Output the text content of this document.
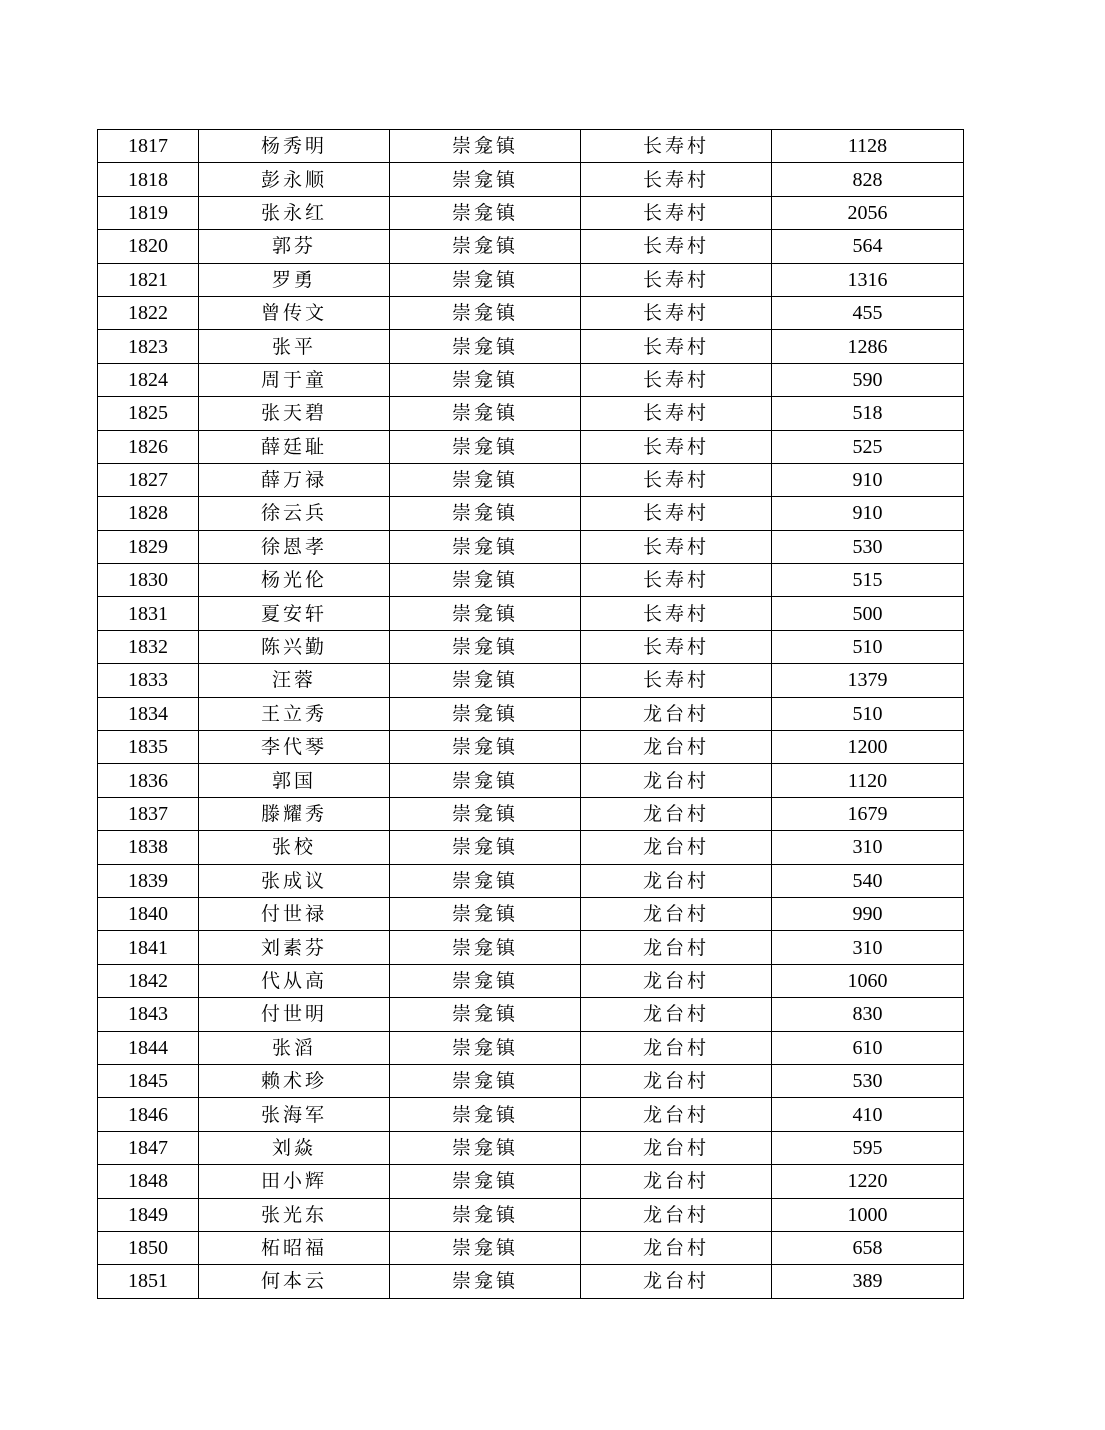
1817	杨秀明	崇龛镇	长寿村	1128
1818	彭永顺	崇龛镇	长寿村	828
1819	张永红	崇龛镇	长寿村	2056
1820	郭芬	崇龛镇	长寿村	564
1821	罗勇	崇龛镇	长寿村	1316
1822	曾传文	崇龛镇	长寿村	455
1823	张平	崇龛镇	长寿村	1286
1824	周于童	崇龛镇	长寿村	590
1825	张天碧	崇龛镇	长寿村	518
1826	薛廷耻	崇龛镇	长寿村	525
1827	薛万禄	崇龛镇	长寿村	910
1828	徐云兵	崇龛镇	长寿村	910
1829	徐恩孝	崇龛镇	长寿村	530
1830	杨光伦	崇龛镇	长寿村	515
1831	夏安轩	崇龛镇	长寿村	500
1832	陈兴勤	崇龛镇	长寿村	510
1833	汪蓉	崇龛镇	长寿村	1379
1834	王立秀	崇龛镇	龙台村	510
1835	李代琴	崇龛镇	龙台村	1200
1836	郭国	崇龛镇	龙台村	1120
1837	滕耀秀	崇龛镇	龙台村	1679
1838	张校	崇龛镇	龙台村	310
1839	张成议	崇龛镇	龙台村	540
1840	付世禄	崇龛镇	龙台村	990
1841	刘素芬	崇龛镇	龙台村	310
1842	代从高	崇龛镇	龙台村	1060
1843	付世明	崇龛镇	龙台村	830
1844	张滔	崇龛镇	龙台村	610
1845	赖术珍	崇龛镇	龙台村	530
1846	张海军	崇龛镇	龙台村	410
1847	刘焱	崇龛镇	龙台村	595
1848	田小辉	崇龛镇	龙台村	1220
1849	张光东	崇龛镇	龙台村	1000
1850	柘昭福	崇龛镇	龙台村	658
1851	何本云	崇龛镇	龙台村	389
